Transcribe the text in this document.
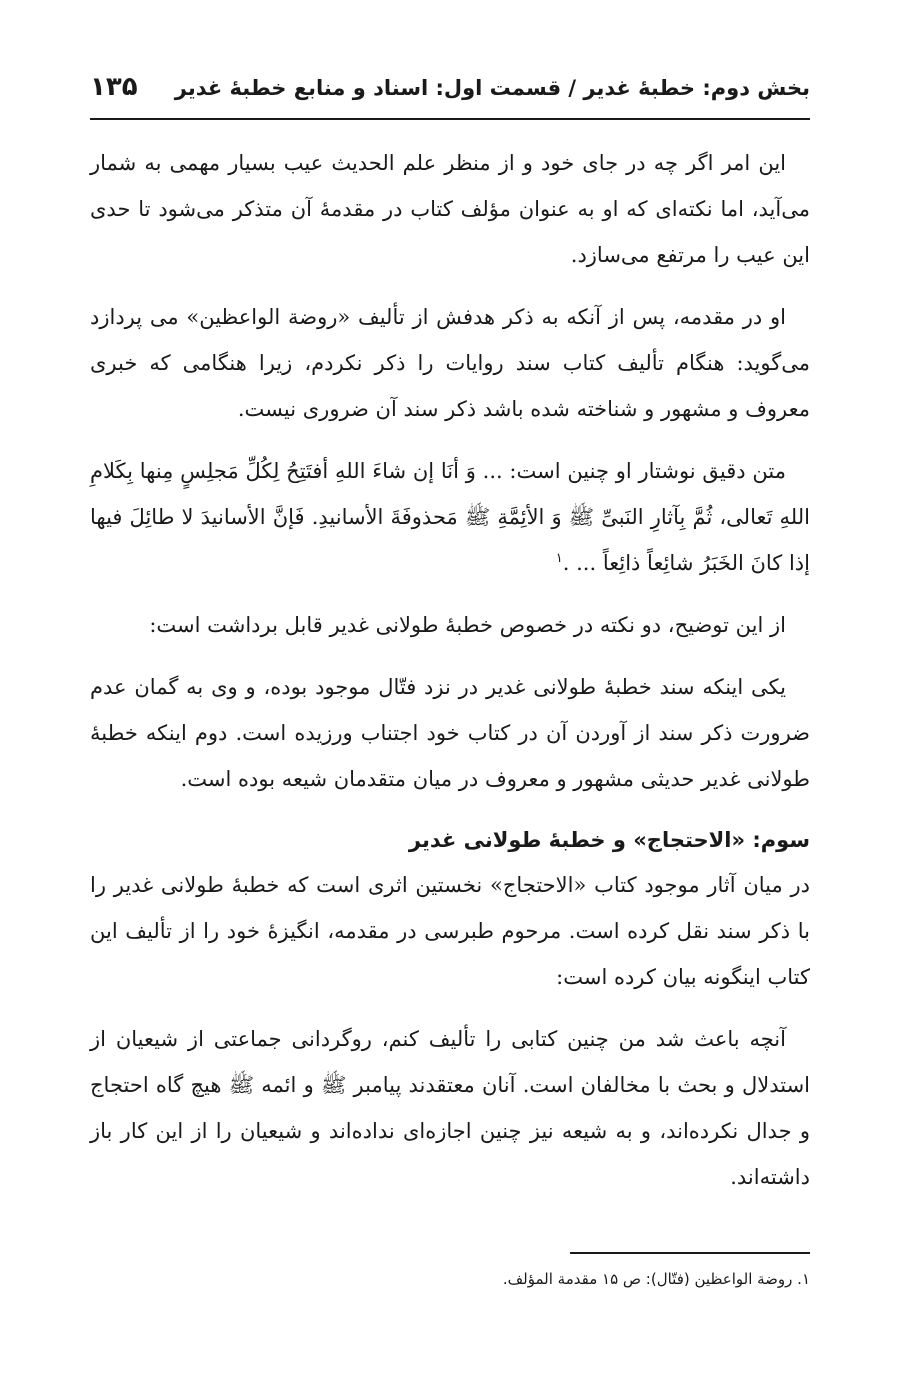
بخش دوم: خطبۀ غدیر / قسمت اول: اسناد و منابع خطبۀ غدیر
۱۳۵

این امر اگر چه در جای خود و از منظر علم الحدیث عیب بسیار مهمی به شمار می‌آید، اما نکته‌ای که او به عنوان مؤلف کتاب در مقدمۀ آن متذکر می‌شود تا حدی این عیب را مرتفع می‌سازد.

او در مقدمه، پس از آنکه به ذکر هدفش از تألیف «روضة الواعظین» می پردازد می‌گوید: هنگام تألیف کتاب سند روایات را ذکر نکردم، زیرا هنگامی که خبری معروف و مشهور و شناخته شده باشد ذکر سند آن ضروری نیست.

متن دقیق نوشتار او چنین است: ... وَ أنَا إن شاءَ اللهِ أفتَتِحُ لِكُلِّ مَجلِسٍ مِنها بِكَلامِ اللهِ تَعالی، ثُمَّ بِآثارِ النَبیِّ ﷺ وَ الأئِمَّةِ ﷺ مَحذوفَةَ الأسانيدِ. فَإنَّ الأسانيدَ لا طائِلَ فيها إذا كانَ الخَبَرُ شائِعاً ذائِعاً ... .$^۱$

از این توضیح، دو نکته در خصوص خطبۀ طولانی غدیر قابل برداشت است:

یکی اینکه سند خطبۀ طولانی غدیر در نزد فتّال موجود بوده، و وی به گمان عدم ضرورت ذکر سند از آوردن آن در کتاب خود اجتناب ورزیده است. دوم اینکه خطبۀ طولانی غدیر حدیثی مشهور و معروف در میان متقدمان شیعه بوده است.

سوم: «الاحتجاج» و خطبۀ طولانی غدیر

در میان آثار موجود کتاب «الاحتجاج» نخستین اثری است که خطبۀ طولانی غدیر را با ذکر سند نقل کرده است. مرحوم طبرسی در مقدمه، انگیزۀ خود را از تألیف این کتاب اینگونه بیان کرده است:

آنچه باعث شد من چنین کتابی را تألیف کنم، روگردانی جماعتی از شیعیان از استدلال و بحث با مخالفان است. آنان معتقدند پیامبر ﷺ و ائمه ﷺ هیچ گاه احتجاج و جدال نکرده‌اند، و به شیعه نیز چنین اجازه‌ای نداده‌اند و شیعیان را از این کار باز داشته‌اند.

۱. روضة الواعظین (فتّال): ص ۱۵ مقدمة المؤلف.
